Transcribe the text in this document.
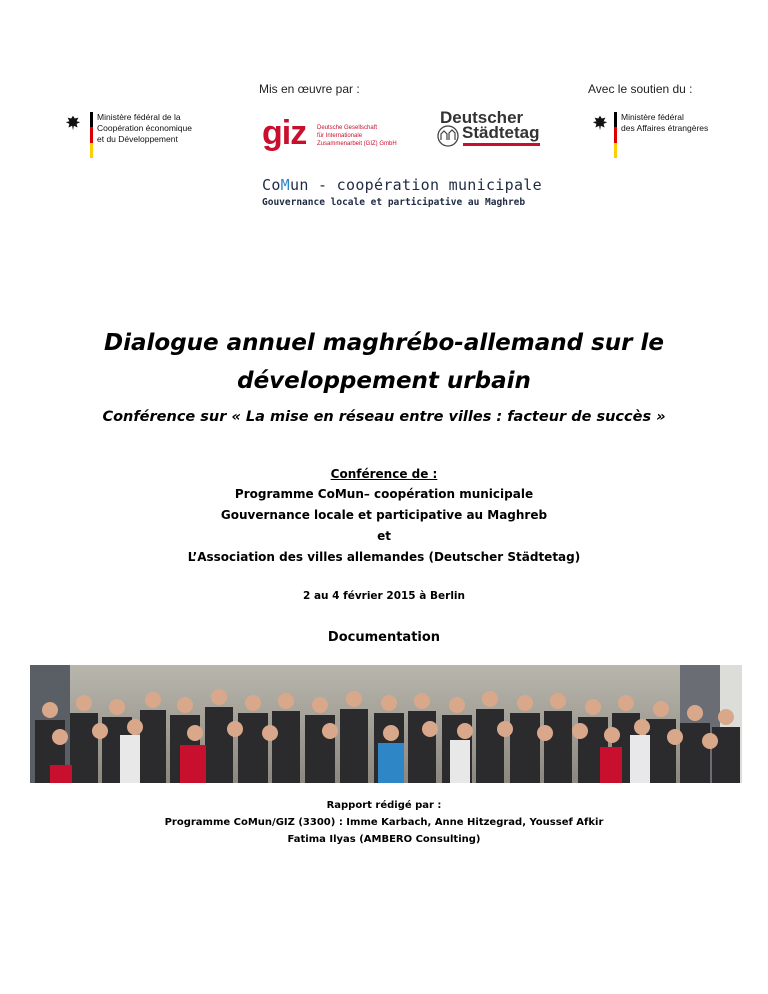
Mis en œuvre par :	Avec le soutien du :
Ministère fédéral de la
Coopération économique
et du Développement	giz Deutsche Gesellschaft
für Internationale
Zusammenarbeit (GIZ) GmbH
Deutscher
Städtetag
Ministère fédéral
des Affaires étrangères
CoMun - coopération municipale
Gouvernance locale et participative au Maghreb
Dialogue annuel maghrébo-allemand sur le
développement urbain
Conférence sur « La mise en réseau entre villes : facteur de succès »
Conférence de :
Programme CoMun– coopération municipale
Gouvernance locale et participative au Maghreb
et
L’Association des villes allemandes (Deutscher Städtetag)
2 au 4 février 2015 à Berlin
Documentation
Rapport rédigé par :
Programme CoMun/GIZ (3300) : Imme Karbach, Anne Hitzegrad, Youssef Afkir
Fatima Ilyas (AMBERO Consulting)
